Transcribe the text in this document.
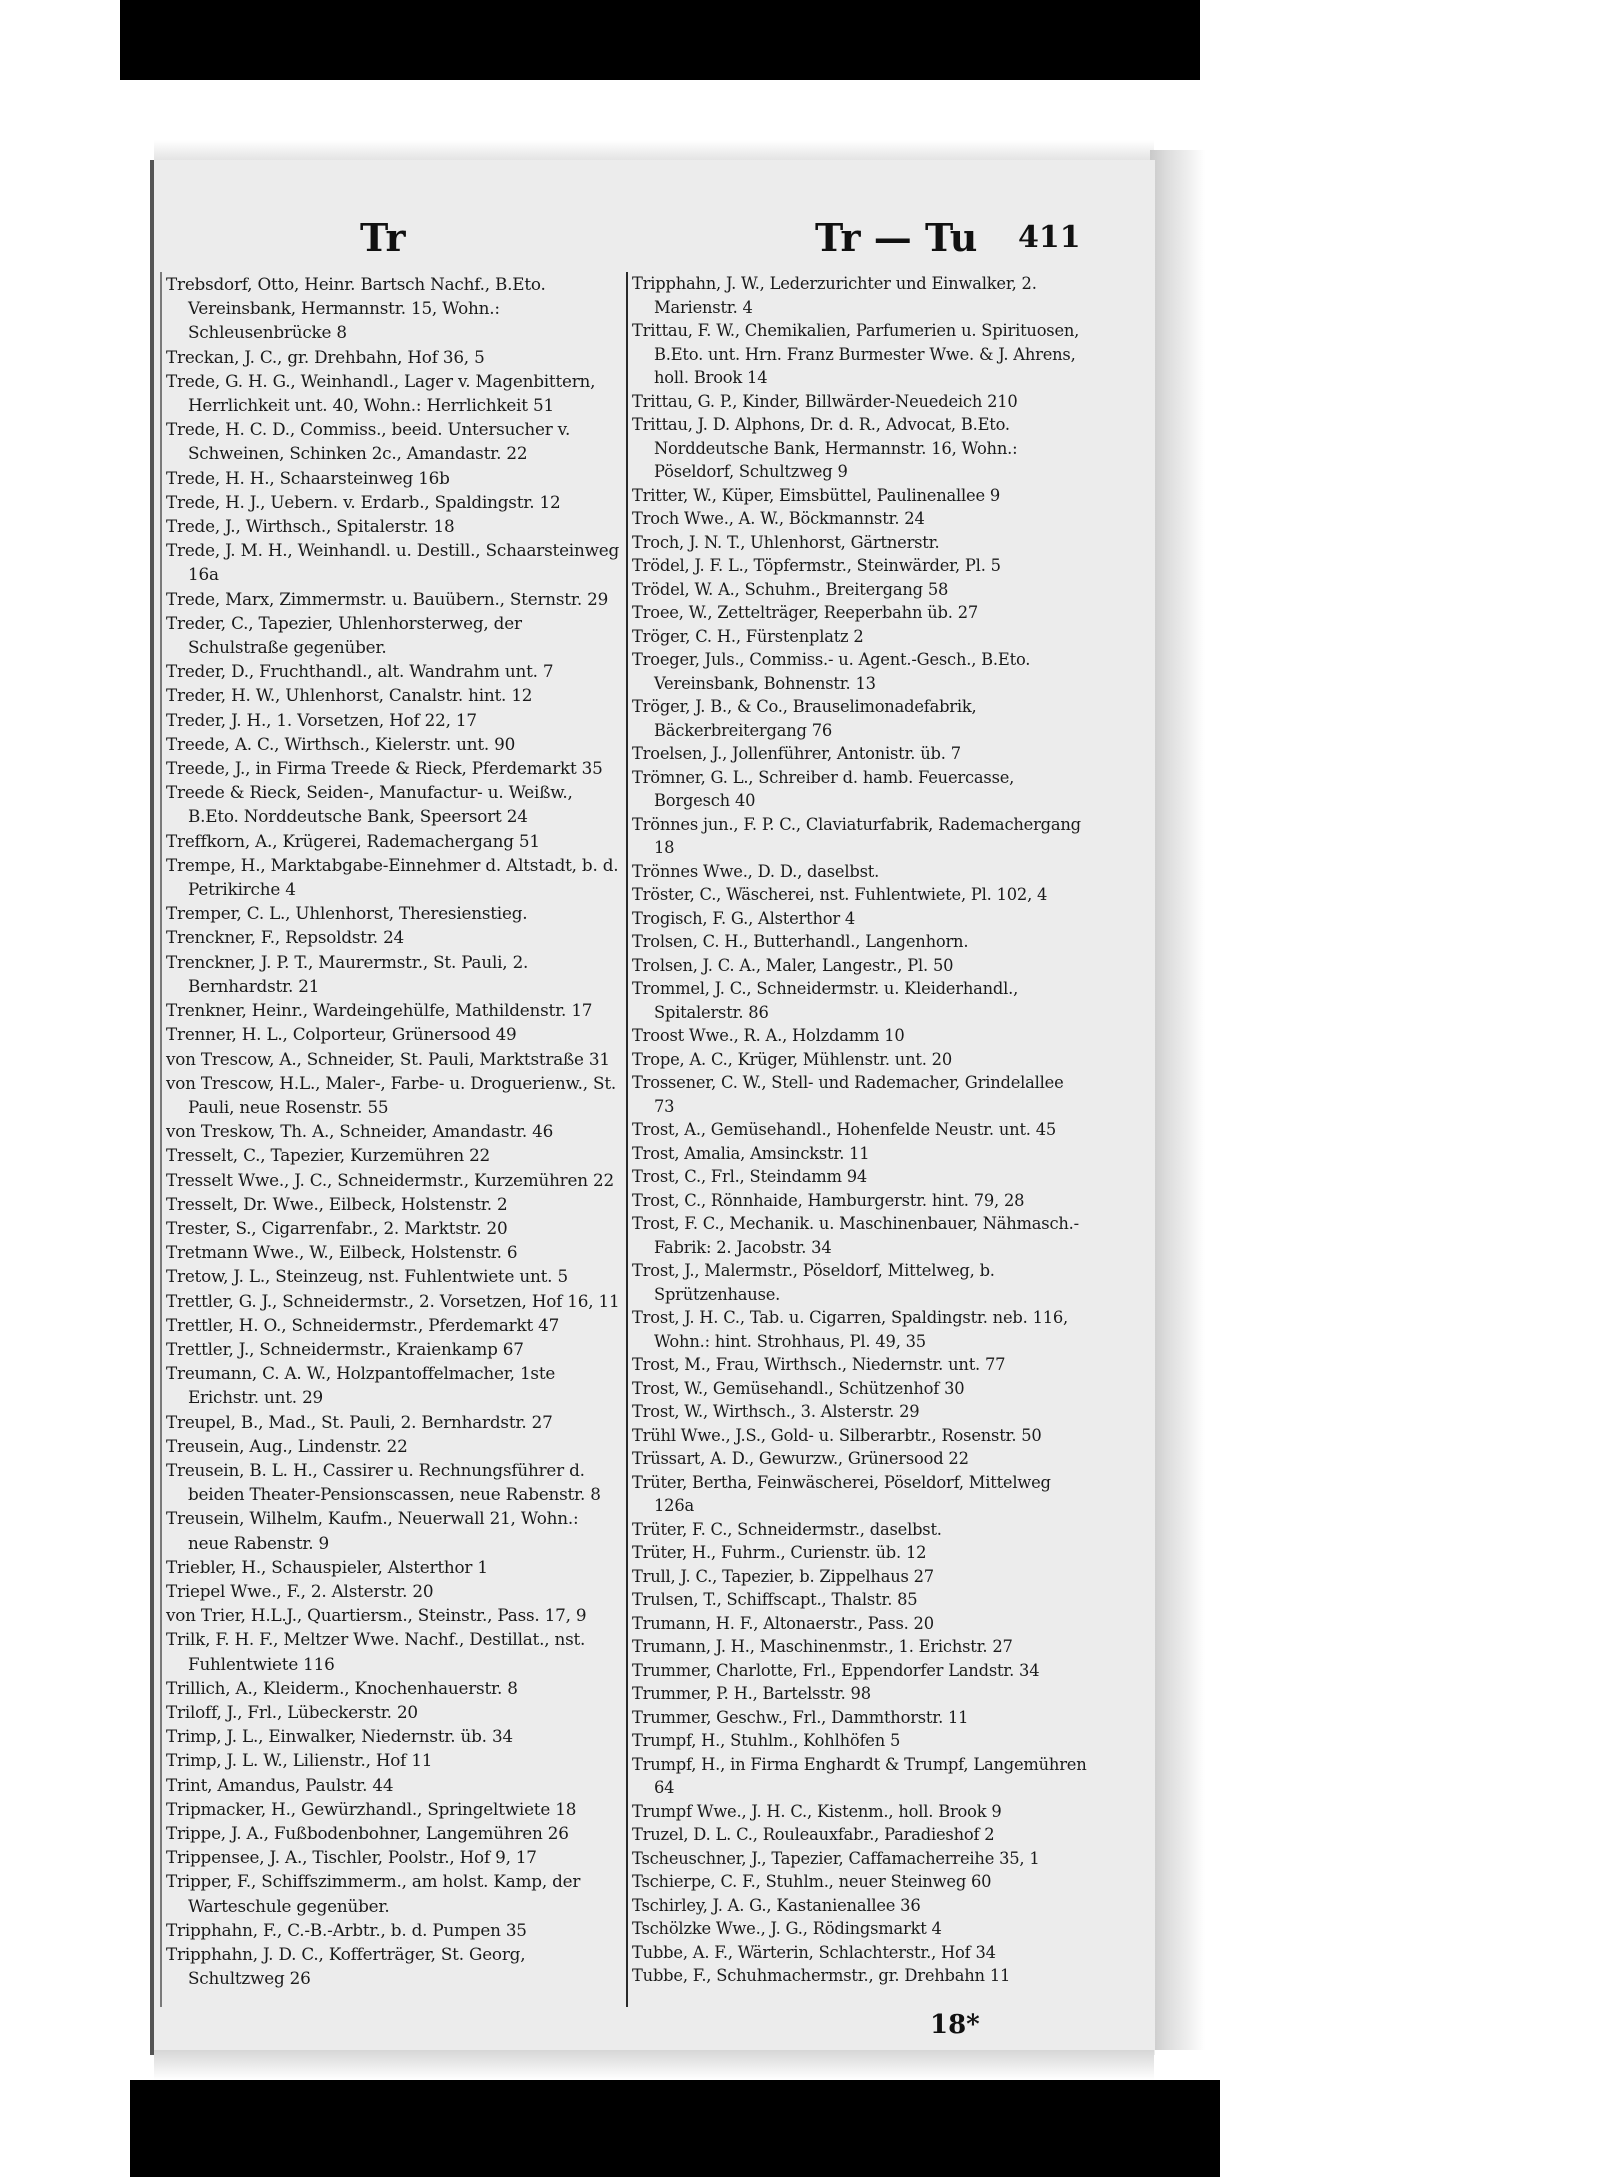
Tr	Tr — Tu 411
Trebsdorf, Otto, Heinr. Bartsch Nachf., B.Eto. Vereinsbank, Hermannstr. 15, Wohn.: Schleusenbrücke 8
Treckan, J. C., gr. Drehbahn, Hof 36, 5
Trede, G. H. G., Weinhandl., Lager v. Magenbittern, Herrlichkeit unt. 40, Wohn.: Herrlichkeit 51
Trede, H. C. D., Commiss., beeid. Untersucher v. Schweinen, Schinken 2c., Amandastr. 22
Trede, H. H., Schaarsteinweg 16b
Trede, H. J., Uebern. v. Erdarb., Spaldingstr. 12
Trede, J., Wirthsch., Spitalerstr. 18
Trede, J. M. H., Weinhandl. u. Destill., Schaarsteinweg 16a
Trede, Marx, Zimmermstr. u. Bauübern., Sternstr. 29
Treder, C., Tapezier, Uhlenhorsterweg, der Schulstraße gegenüber.
Treder, D., Fruchthandl., alt. Wandrahm unt. 7
Treder, H. W., Uhlenhorst, Canalstr. hint. 12
Treder, J. H., 1. Vorsetzen, Hof 22, 17
Treede, A. C., Wirthsch., Kielerstr. unt. 90
Treede, J., in Firma Treede & Rieck, Pferdemarkt 35
Treede & Rieck, Seiden-, Manufactur- u. Weißw., B.Eto. Norddeutsche Bank, Speersort 24
Treffkorn, A., Krügerei, Rademachergang 51
Trempe, H., Marktabgabe-Einnehmer d. Altstadt, b. d. Petrikirche 4
Tremper, C. L., Uhlenhorst, Theresienstieg.
Trenckner, F., Repsoldstr. 24
Trenckner, J. P. T., Maurermstr., St. Pauli, 2. Bernhardstr. 21
Trenkner, Heinr., Wardeingehülfe, Mathildenstr. 17
Trenner, H. L., Colporteur, Grünersood 49
von Trescow, A., Schneider, St. Pauli, Marktstraße 31
von Trescow, H.L., Maler-, Farbe- u. Droguerienw., St. Pauli, neue Rosenstr. 55
von Treskow, Th. A., Schneider, Amandastr. 46
Tresselt, C., Tapezier, Kurzemühren 22
Tresselt Wwe., J. C., Schneidermstr., Kurzemühren 22
Tresselt, Dr. Wwe., Eilbeck, Holstenstr. 2
Trester, S., Cigarrenfabr., 2. Marktstr. 20
Tretmann Wwe., W., Eilbeck, Holstenstr. 6
Tretow, J. L., Steinzeug, nst. Fuhlentwiete unt. 5
Trettler, G. J., Schneidermstr., 2. Vorsetzen, Hof 16, 11
Trettler, H. O., Schneidermstr., Pferdemarkt 47
Trettler, J., Schneidermstr., Kraienkamp 67
Treumann, C. A. W., Holzpantoffelmacher, 1ste Erichstr. unt. 29
Treupel, B., Mad., St. Pauli, 2. Bernhardstr. 27
Treusein, Aug., Lindenstr. 22
Treusein, B. L. H., Cassirer u. Rechnungsführer d. beiden Theater-Pensionscassen, neue Rabenstr. 8
Treusein, Wilhelm, Kaufm., Neuerwall 21, Wohn.: neue Rabenstr. 9
Triebler, H., Schauspieler, Alsterthor 1
Triepel Wwe., F., 2. Alsterstr. 20
von Trier, H.L.J., Quartiersm., Steinstr., Pass. 17, 9
Trilk, F. H. F., Meltzer Wwe. Nachf., Destillat., nst. Fuhlentwiete 116
Trillich, A., Kleiderm., Knochenhauerstr. 8
Triloff, J., Frl., Lübeckerstr. 20
Trimp, J. L., Einwalker, Niedernstr. üb. 34
Trimp, J. L. W., Lilienstr., Hof 11
Trint, Amandus, Paulstr. 44
Tripmacker, H., Gewürzhandl., Springeltwiete 18
Trippe, J. A., Fußbodenbohner, Langemühren 26
Trippensee, J. A., Tischler, Poolstr., Hof 9, 17
Tripper, F., Schiffszimmerm., am holst. Kamp, der Warteschule gegenüber.
Tripphahn, F., C.-B.-Arbtr., b. d. Pumpen 35
Tripphahn, J. D. C., Kofferträger, St. Georg, Schultzweg 26
Tripphahn, J. W., Lederzurichter und Einwalker, 2. Marienstr. 4
Trittau, F. W., Chemikalien, Parfumerien u. Spirituosen, B.Eto. unt. Hrn. Franz Burmester Wwe. & J. Ahrens, holl. Brook 14
Trittau, G. P., Kinder, Billwärder-Neuedeich 210
Trittau, J. D. Alphons, Dr. d. R., Advocat, B.Eto. Norddeutsche Bank, Hermannstr. 16, Wohn.: Pöseldorf, Schultzweg 9
Tritter, W., Küper, Eimsbüttel, Paulinenallee 9
Troch Wwe., A. W., Böckmannstr. 24
Troch, J. N. T., Uhlenhorst, Gärtnerstr.
Trödel, J. F. L., Töpfermstr., Steinwärder, Pl. 5
Trödel, W. A., Schuhm., Breitergang 58
Troee, W., Zettelträger, Reeperbahn üb. 27
Tröger, C. H., Fürstenplatz 2
Troeger, Juls., Commiss.- u. Agent.-Gesch., B.Eto. Vereinsbank, Bohnenstr. 13
Tröger, J. B., & Co., Brauselimonadefabrik, Bäckerbreitergang 76
Troelsen, J., Jollenführer, Antonistr. üb. 7
Trömner, G. L., Schreiber d. hamb. Feuercasse, Borgesch 40
Trönnes jun., F. P. C., Claviaturfabrik, Rademachergang 18
Trönnes Wwe., D. D., daselbst.
Tröster, C., Wäscherei, nst. Fuhlentwiete, Pl. 102, 4
Trogisch, F. G., Alsterthor 4
Trolsen, C. H., Butterhandl., Langenhorn.
Trolsen, J. C. A., Maler, Langestr., Pl. 50
Trommel, J. C., Schneidermstr. u. Kleiderhandl., Spitalerstr. 86
Troost Wwe., R. A., Holzdamm 10
Trope, A. C., Krüger, Mühlenstr. unt. 20
Trossener, C. W., Stell- und Rademacher, Grindelallee 73
Trost, A., Gemüsehandl., Hohenfelde Neustr. unt. 45
Trost, Amalia, Amsinckstr. 11
Trost, C., Frl., Steindamm 94
Trost, C., Rönnhaide, Hamburgerstr. hint. 79, 28
Trost, F. C., Mechanik. u. Maschinenbauer, Nähmasch.-Fabrik: 2. Jacobstr. 34
Trost, J., Malermstr., Pöseldorf, Mittelweg, b. Sprützenhause.
Trost, J. H. C., Tab. u. Cigarren, Spaldingstr. neb. 116, Wohn.: hint. Strohhaus, Pl. 49, 35
Trost, M., Frau, Wirthsch., Niedernstr. unt. 77
Trost, W., Gemüsehandl., Schützenhof 30
Trost, W., Wirthsch., 3. Alsterstr. 29
Trühl Wwe., J.S., Gold- u. Silberarbtr., Rosenstr. 50
Trüssart, A. D., Gewurzw., Grünersood 22
Trüter, Bertha, Feinwäscherei, Pöseldorf, Mittelweg 126a
Trüter, F. C., Schneidermstr., daselbst.
Trüter, H., Fuhrm., Curienstr. üb. 12
Trull, J. C., Tapezier, b. Zippelhaus 27
Trulsen, T., Schiffscapt., Thalstr. 85
Trumann, H. F., Altonaerstr., Pass. 20
Trumann, J. H., Maschinenmstr., 1. Erichstr. 27
Trummer, Charlotte, Frl., Eppendorfer Landstr. 34
Trummer, P. H., Bartelsstr. 98
Trummer, Geschw., Frl., Dammthorstr. 11
Trumpf, H., Stuhlm., Kohlhöfen 5
Trumpf, H., in Firma Enghardt & Trumpf, Langemühren 64
Trumpf Wwe., J. H. C., Kistenm., holl. Brook 9
Truzel, D. L. C., Rouleauxfabr., Paradieshof 2
Tscheuschner, J., Tapezier, Caffamacherreihe 35, 1
Tschierpe, C. F., Stuhlm., neuer Steinweg 60
Tschirley, J. A. G., Kastanienallee 36
Tschölzke Wwe., J. G., Rödingsmarkt 4
Tubbe, A. F., Wärterin, Schlachterstr., Hof 34
Tubbe, F., Schuhmachermstr., gr. Drehbahn 11
18*
